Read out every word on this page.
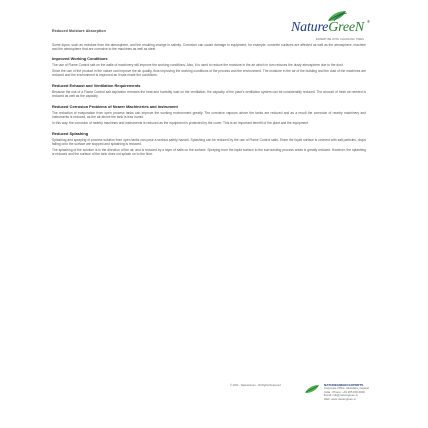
Reduced Moisture Absorption	NatureGreeN ®
EXPERTISE WITH CHANGING TIMES

Some liquor, such as moisture from the atmosphere, and the resulting change in salinity. Corrosion can cause damage to equipment, for example, concrete surfaces are affected as well as the atmosphere, machine and the atmosphere that are corrosive to the machines as well as steel.

Improved Working Conditions

The use of Flame Control salt on the walls of machinery will improve the working conditions. Also, it is used to reduce the moisture in the air which in turn reduces the dusty atmosphere due to the dust.

Since the use of the product in the nature can improve the air quality, thus improving the working conditions of the process and the environment. The moisture in the air of the building and the dust of the machines are reduced and the environment is improved as it was made the conditions.

Reduced Exhaust and Ventilation Requirements

Because the use of a Flame Control salt aspiration removes the heat and humidity load on the ventilation, the capacity of the plant's ventilation system can be considerably reduced. The amount of fresh air needed is reduced as well as the capacity.

Reduced Corrosion Problems of Nearer Machineries and Instrument

The reduction of evaporation from open process tanks can improve the working environment greatly. The corrosive vapours above the tanks are reduced and as a result the corrosion of nearby machinery and instruments is reduced, as the air above the tank is less humid.

In this way, the corrosion of nearby machines and instruments is reduced as the equipment is protected by the cover. This is an important benefit of the plant and the equipment.

Reduced Splashing

Splashing and spraying of process solution from open tanks can pose a serious safety hazard. Splashing can be reduced by the use of Flame Control salts. Since the liquid surface is covered with salt particles, drops falling onto the surface are stopped and splashing is reduced.

The splashing of the solution is in the direction of the air, and is reduced by a layer of salts on the surface. Spraying from the liquid surface to the surrounding process areas is greatly reduced. However, the splashing is reduced and the surface of the tank does not splash on to the floor.

© 2024 · NatureGreen · All Rights Reserved	NATUREGREEN EXPORTS
Corporate Office: Vadodara, Gujarat
India · Phone: +91 265 000 0000
Email: info@naturegreen.in
Web: www.naturegreen.in
